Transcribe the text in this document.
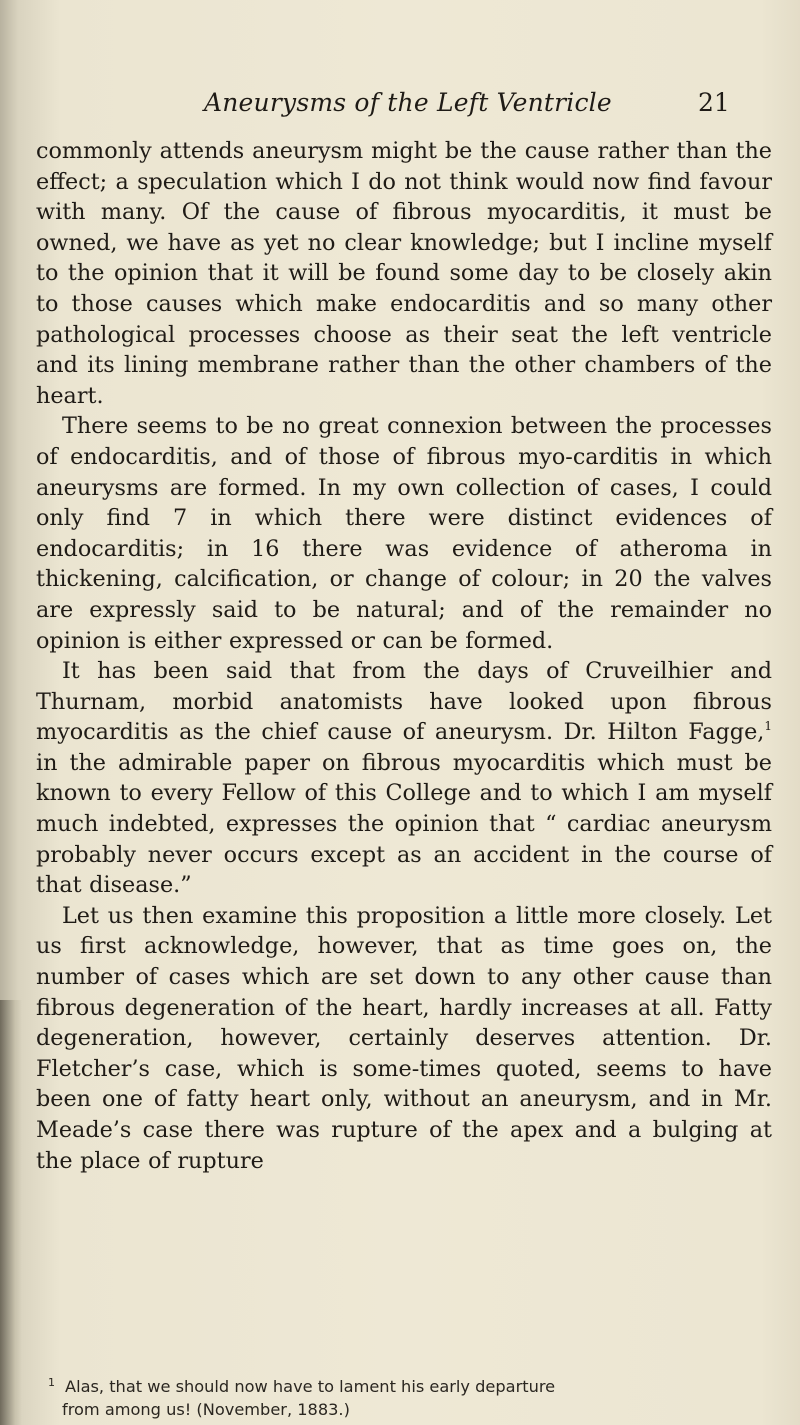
Aneurysms of the Left Ventricle	21

commonly attends aneurysm might be the cause rather than the effect; a speculation which I do not think would now find favour with many. Of the cause of fibrous myocarditis, it must be owned, we have as yet no clear knowledge; but I incline myself to the opinion that it will be found some day to be closely akin to those causes which make endocarditis and so many other pathological processes choose as their seat the left ventricle and its lining membrane rather than the other chambers of the heart.

There seems to be no great connexion between the processes of endocarditis, and of those of fibrous myo-carditis in which aneurysms are formed. In my own collection of cases, I could only find 7 in which there were distinct evidences of endocarditis; in 16 there was evidence of atheroma in thickening, calcification, or change of colour; in 20 the valves are expressly said to be natural; and of the remainder no opinion is either expressed or can be formed.

It has been said that from the days of Cruveilhier and Thurnam, morbid anatomists have looked upon fibrous myocarditis as the chief cause of aneurysm. Dr. Hilton Fagge,$^1$ in the admirable paper on fibrous myocarditis which must be known to every Fellow of this College and to which I am myself much indebted, expresses the opinion that “ cardiac aneurysm probably never occurs except as an accident in the course of that disease.”

Let us then examine this proposition a little more closely. Let us first acknowledge, however, that as time goes on, the number of cases which are set down to any other cause than fibrous degeneration of the heart, hardly increases at all. Fatty degeneration, however, certainly deserves attention. Dr. Fletcher’s case, which is some-times quoted, seems to have been one of fatty heart only, without an aneurysm, and in Mr. Meade’s case there was rupture of the apex and a bulging at the place of rupture

$^1$ Alas, that we should now have to lament his early departure
from among us! (November, 1883.)
